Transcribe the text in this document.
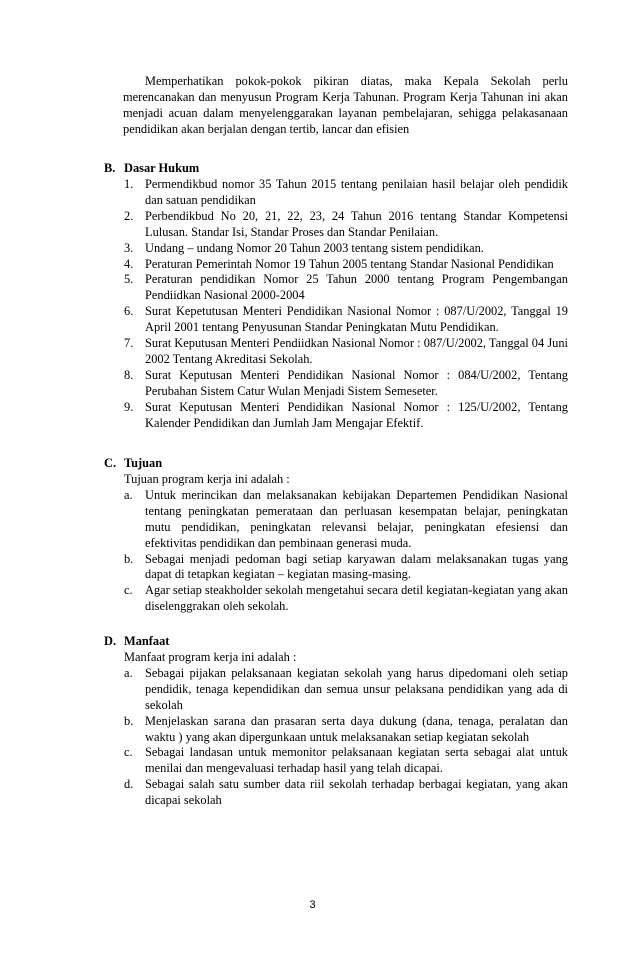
Memperhatikan pokok-pokok pikiran diatas, maka Kepala Sekolah perlu merencanakan dan menyusun Program Kerja Tahunan. Program Kerja Tahunan ini akan menjadi acuan dalam menyelenggarakan layanan pembelajaran, sehigga pelakasanaan pendidikan akan berjalan dengan tertib, lancar dan efisien

B. Dasar Hukum
1. Permendikbud nomor 35 Tahun 2015 tentang penilaian hasil belajar oleh pendidik dan satuan pendidikan
2. Perbendikbud No 20, 21, 22, 23, 24 Tahun 2016 tentang Standar Kompetensi Lulusan. Standar Isi, Standar Proses dan Standar Penilaian.
3. Undang – undang Nomor 20 Tahun 2003 tentang sistem pendidikan.
4. Peraturan Pemerintah Nomor 19 Tahun 2005 tentang Standar Nasional Pendidikan
5. Peraturan pendidikan Nomor 25 Tahun 2000 tentang Program Pengembangan Pendiidkan Nasional 2000-2004
6. Surat Kepetutusan Menteri Pendidikan Nasional Nomor : 087/U/2002, Tanggal 19 April 2001 tentang Penyusunan Standar Peningkatan Mutu Pendidikan.
7. Surat Keputusan Menteri Pendiidkan Nasional Nomor : 087/U/2002, Tanggal 04 Juni 2002 Tentang Akreditasi Sekolah.
8. Surat Keputusan Menteri Pendidikan Nasional Nomor : 084/U/2002, Tentang Perubahan Sistem Catur Wulan Menjadi Sistem Semeseter.
9. Surat Keputusan Menteri Pendidikan Nasional Nomor : 125/U/2002, Tentang Kalender Pendidikan dan Jumlah Jam Mengajar Efektif.
C. Tujuan

Tujuan program kerja ini adalah :

a. Untuk merincikan dan melaksanakan kebijakan Departemen Pendidikan Nasional tentang peningkatan pemerataan dan perluasan kesempatan belajar, peningkatan mutu pendidikan, peningkatan relevansi belajar, peningkatan efesiensi dan efektivitas pendidikan dan pembinaan generasi muda.
b. Sebagai menjadi pedoman bagi setiap karyawan dalam melaksanakan tugas yang dapat di tetapkan kegiatan – kegiatan masing-masing.
c. Agar setiap steakholder sekolah mengetahui secara detil kegiatan-kegiatan yang akan diselenggrakan oleh sekolah.
D. Manfaat

Manfaat program kerja ini adalah :

a. Sebagai pijakan pelaksanaan kegiatan sekolah yang harus dipedomani oleh setiap pendidik, tenaga kependidikan dan semua unsur pelaksana pendidikan yang ada di sekolah
b. Menjelaskan sarana dan prasaran serta daya dukung (dana, tenaga, peralatan dan waktu ) yang akan dipergunkaan untuk melaksanakan setiap kegiatan sekolah
c. Sebagai landasan untuk memonitor pelaksanaan kegiatan serta sebagai alat untuk menilai dan mengevaluasi terhadap hasil yang telah dicapai.
d. Sebagai salah satu sumber data riil sekolah terhadap berbagai kegiatan, yang akan dicapai sekolah
3
